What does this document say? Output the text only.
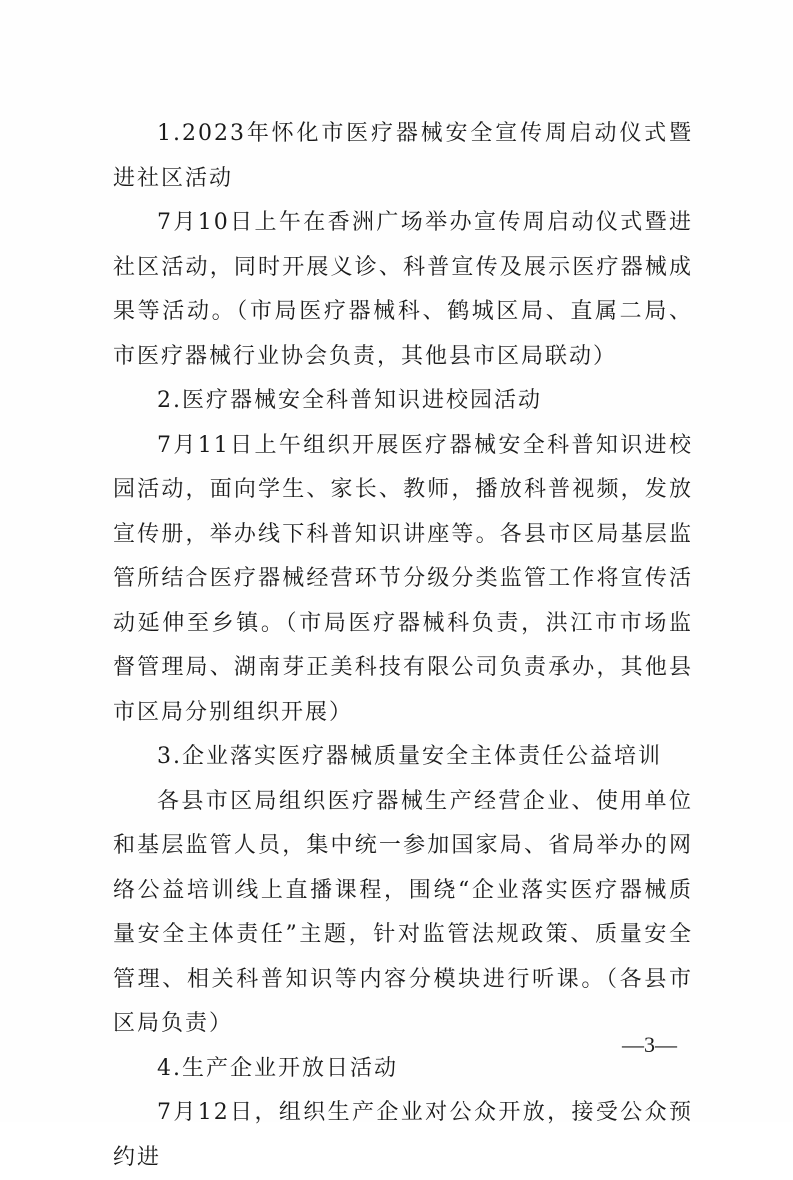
1.2023年怀化市医疗器械安全宣传周启动仪式暨进社区活动

7月10日上午在香洲广场举办宣传周启动仪式暨进社区活动，同时开展义诊、科普宣传及展示医疗器械成果等活动。（市局医疗器械科、鹤城区局、直属二局、市医疗器械行业协会负责，其他县市区局联动）

2.医疗器械安全科普知识进校园活动

7月11日上午组织开展医疗器械安全科普知识进校园活动，面向学生、家长、教师，播放科普视频，发放宣传册，举办线下科普知识讲座等。各县市区局基层监管所结合医疗器械经营环节分级分类监管工作将宣传活动延伸至乡镇。（市局医疗器械科负责，洪江市市场监督管理局、湖南芽正美科技有限公司负责承办，其他县市区局分别组织开展）

3.企业落实医疗器械质量安全主体责任公益培训

各县市区局组织医疗器械生产经营企业、使用单位和基层监管人员，集中统一参加国家局、省局举办的网络公益培训线上直播课程，围绕“企业落实医疗器械质量安全主体责任”主题，针对监管法规政策、质量安全管理、相关科普知识等内容分模块进行听课。（各县市区局负责）

4.生产企业开放日活动

7月12日，组织生产企业对公众开放，接受公众预约进

—3—
